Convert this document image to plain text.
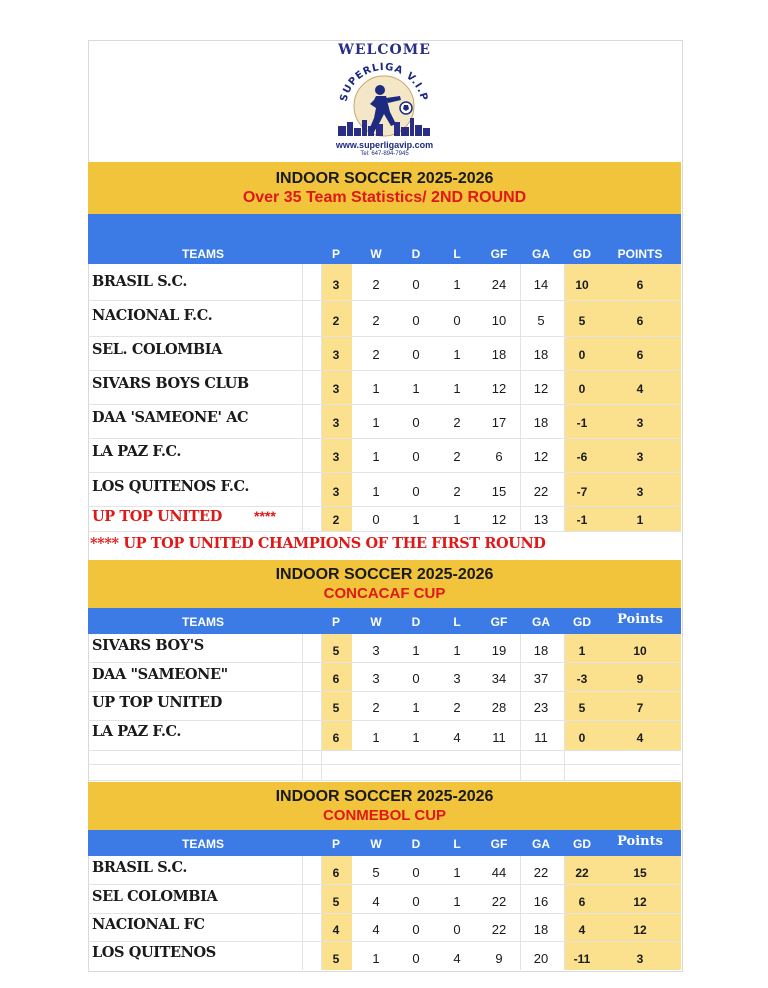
WELCOME
SUPERLIGA V.I.P
www.superligavip.com
Tel: 647-894-7945
INDOOR SOCCER 2025-2026
Over 35 Team Statistics/ 2ND ROUND
TEAMS	P	W	D	L	GF	GA	GD	POINTS
BRASIL S.C.	3	2	0	1	24	14	10	6
NACIONAL F.C.	2	2	0	0	10	5	5	6
SEL. COLOMBIA	3	2	0	1	18	18	0	6
SIVARS BOYS CLUB	3	1	1	1	12	12	0	4
DAA 'SAMEONE' AC	3	1	0	2	17	18	-1	3
LA PAZ F.C.	3	1	0	2	6	12	-6	3
LOS QUITENOS F.C.	3	1	0	2	15	22	-7	3
UP TOP UNITED ****	2	0	1	1	12	13	-1	1
**** UP TOP UNITED CHAMPIONS OF THE FIRST ROUND
INDOOR SOCCER 2025-2026
CONCACAF CUP
TEAMS	P	W	D	L	GF	GA	GD	Points
SIVARS BOY'S	5	3	1	1	19	18	1	10
DAA "SAMEONE"	6	3	0	3	34	37	-3	9
UP TOP UNITED	5	2	1	2	28	23	5	7
LA PAZ F.C.	6	1	1	4	11	11	0	4
INDOOR SOCCER 2025-2026
CONMEBOL CUP
TEAMS	P	W	D	L	GF	GA	GD	Points
BRASIL S.C.	6	5	0	1	44	22	22	15
SEL COLOMBIA	5	4	0	1	22	16	6	12
NACIONAL FC	4	4	0	0	22	18	4	12
LOS QUITENOS	5	1	0	4	9	20	-11	3
